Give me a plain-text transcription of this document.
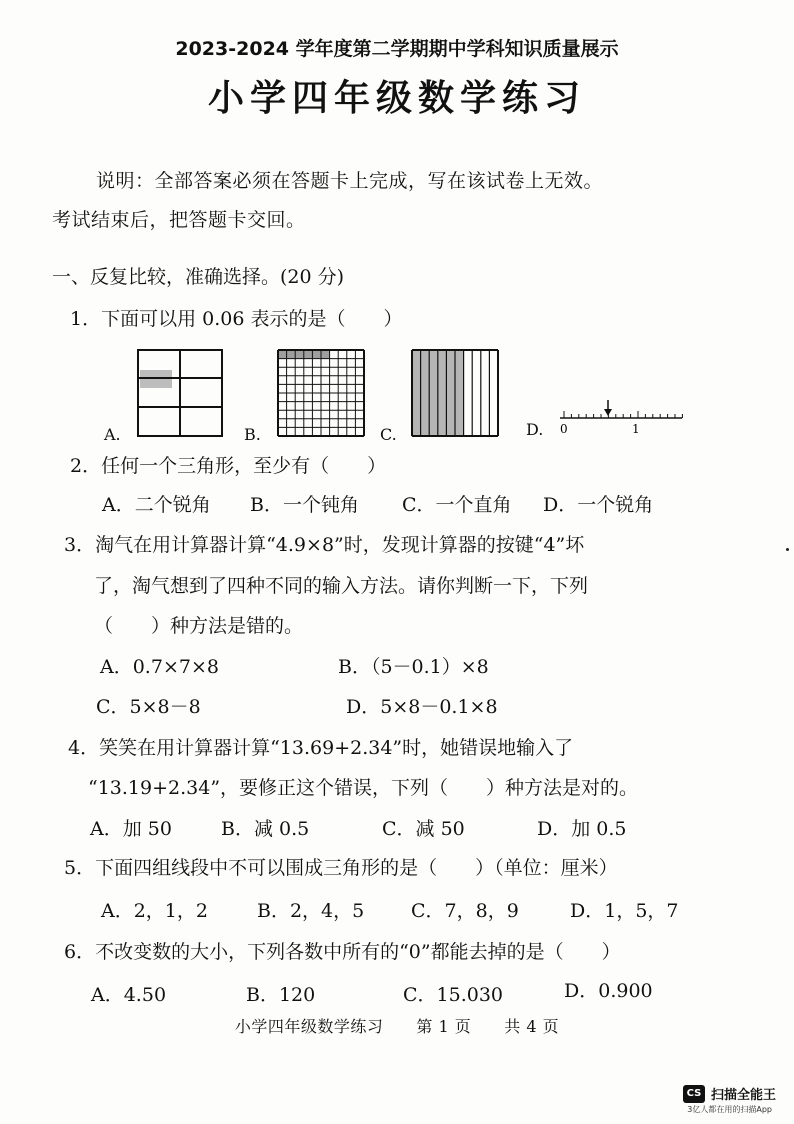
2023-2024 学年度第二学期期中学科知识质量展示
小学四年级数学练习
说明：全部答案必须在答题卡上完成，写在该试卷上无效。
考试结束后，把答题卡交回。
一、反复比较，准确选择。(20 分)
1．下面可以用 0.06 表示的是（　　）
A.	B.	C.	D. 0	1
2．任何一个三角形，至少有（　　）
A．二个锐角 B．一个钝角 C．一个直角 D．一个锐角
3．淘气在用计算器计算“4.9×8”时，发现计算器的按键“4”坏
了，淘气想到了四种不同的输入方法。请你判断一下，下列
（　　）种方法是错的。
A．0.7×7×8	B．（5－0.1）×8
C．5×8－8	D．5×8－0.1×8
4．笑笑在用计算器计算“13.69+2.34”时，她错误地输入了
“13.19+2.34”，要修正这个错误，下列（　　）种方法是对的。
A．加 50	B．减 0.5	C．减 50	D．加 0.5
5．下面四组线段中不可以围成三角形的是（　　）（单位：厘米）
A．2，1，2	B．2，4，5 C．7，8，9	D．1，5，7
6．不改变数的大小，下列各数中所有的“0”都能去掉的是（　　）
A．4.50	B．120	C．15.030	D．0.900
小学四年级数学练习　　第 1 页　　共 4 页
CS 扫描全能王
3亿人都在用的扫描App
